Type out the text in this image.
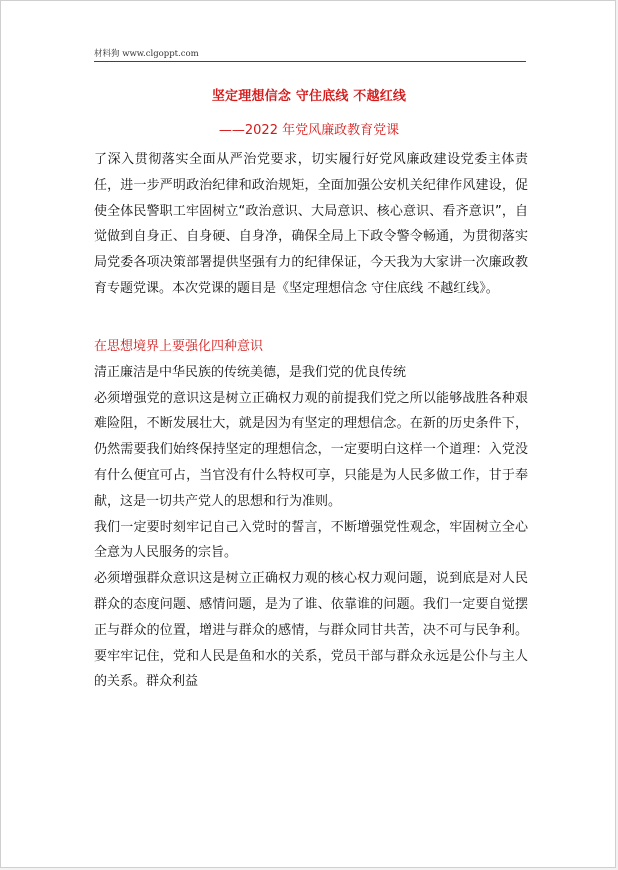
材料狗 www.clgoppt.com
坚定理想信念 守住底线 不越红线
——2022 年党风廉政教育党课

了深入贯彻落实全面从严治党要求，切实履行好党风廉政建设党委主体责任，进一步严明政治纪律和政治规矩，全面加强公安机关纪律作风建设，促使全体民警职工牢固树立“政治意识、大局意识、核心意识、看齐意识”，自觉做到自身正、自身硬、自身净，确保全局上下政令警令畅通，为贯彻落实局党委各项决策部署提供坚强有力的纪律保证，今天我为大家讲一次廉政教育专题党课。本次党课的题目是《坚定理想信念 守住底线 不越红线》。

在思想境界上要强化四种意识

清正廉洁是中华民族的传统美德，是我们党的优良传统

必须增强党的意识这是树立正确权力观的前提我们党之所以能够战胜各种艰难险阻，不断发展壮大，就是因为有坚定的理想信念。在新的历史条件下，仍然需要我们始终保持坚定的理想信念，一定要明白这样一个道理：入党没有什么便宜可占，当官没有什么特权可享，只能是为人民多做工作，甘于奉献，这是一切共产党人的思想和行为准则。

我们一定要时刻牢记自己入党时的誓言，不断增强党性观念，牢固树立全心全意为人民服务的宗旨。

必须增强群众意识这是树立正确权力观的核心权力观问题，说到底是对人民群众的态度问题、感情问题，是为了谁、依靠谁的问题。我们一定要自觉摆正与群众的位置，增进与群众的感情，与群众同甘共苦，决不可与民争利。要牢牢记住，党和人民是鱼和水的关系，党员干部与群众永远是公仆与主人的关系。群众利益
